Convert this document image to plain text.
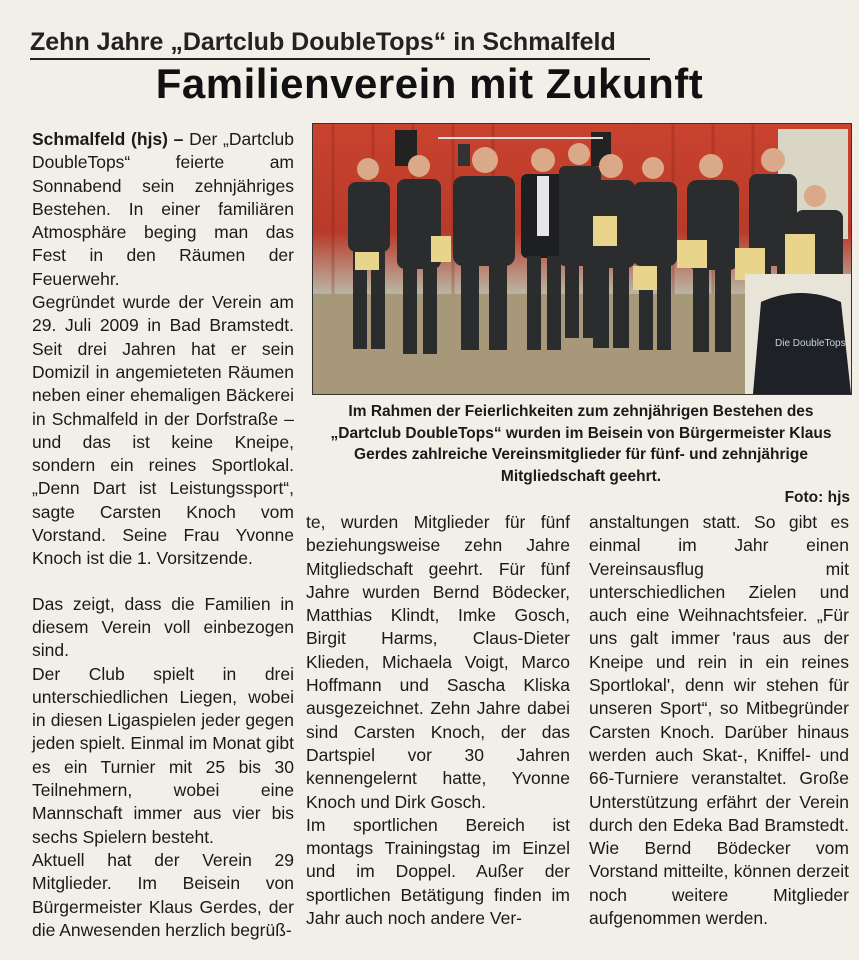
Zehn Jahre „Dartclub DoubleTops“ in Schmalfeld
Familienverein mit Zukunft

Schmalfeld (hjs) – Der „Dartclub DoubleTops“ feierte am Sonnabend sein zehnjähriges Bestehen. In einer familiären Atmosphäre beging man das Fest in den Räumen der Feuerwehr.

Gegründet wurde der Verein am 29. Juli 2009 in Bad Bramstedt. Seit drei Jahren hat er sein Domizil in angemieteten Räumen neben einer ehemaligen Bäckerei in Schmalfeld in der Dorfstraße – und das ist keine Kneipe, sondern ein reines Sportlokal. „Denn Dart ist Leistungssport“, sagte Carsten Knoch vom Vorstand. Seine Frau Yvonne Knoch ist die 1. Vorsitzende.

Das zeigt, dass die Familien in diesem Verein voll einbezogen sind.

Der Club spielt in drei unterschiedlichen Liegen, wobei in diesen Ligaspielen jeder gegen jeden spielt. Einmal im Monat gibt es ein Turnier mit 25 bis 30 Teilnehmern, wobei eine Mannschaft immer aus vier bis sechs Spielern besteht.

Aktuell hat der Verein 29 Mitglieder. Im Beisein von Bürgermeister Klaus Gerdes, der die Anwesenden herzlich begrüß-

Die DoubleTops
Im Rahmen der Feierlichkeiten zum zehnjährigen Bestehen des „Dartclub DoubleTops“ wurden im Beisein von Bürgermeister Klaus Gerdes zahlreiche Vereinsmitglieder für fünf- und zehnjährige Mitgliedschaft geehrt.
Foto: hjs

te, wurden Mitglieder für fünf beziehungsweise zehn Jahre Mitgliedschaft geehrt. Für fünf Jahre wurden Bernd Bödecker, Matthias Klindt, Imke Gosch, Birgit Harms, Claus-Dieter Klieden, Michaela Voigt, Marco Hoffmann und Sascha Kliska ausgezeichnet. Zehn Jahre dabei sind Carsten Knoch, der das Dartspiel vor 30 Jahren kennengelernt hatte, Yvonne Knoch und Dirk Gosch.

Im sportlichen Bereich ist montags Trainingstag im Einzel und im Doppel. Außer der sportlichen Betätigung finden im Jahr auch noch andere Ver-

anstaltungen statt. So gibt es einmal im Jahr einen Vereinsausflug mit unterschiedlichen Zielen und auch eine Weihnachtsfeier. „Für uns galt immer 'raus aus der Kneipe und rein in ein reines Sportlokal', denn wir stehen für unseren Sport“, so Mitbegründer Carsten Knoch. Darüber hinaus werden auch Skat-, Kniffel- und 66-Turniere veranstaltet. Große Unterstützung erfährt der Verein durch den Edeka Bad Bramstedt. Wie Bernd Bödecker vom Vorstand mitteilte, können derzeit noch weitere Mitglieder aufgenommen werden.
